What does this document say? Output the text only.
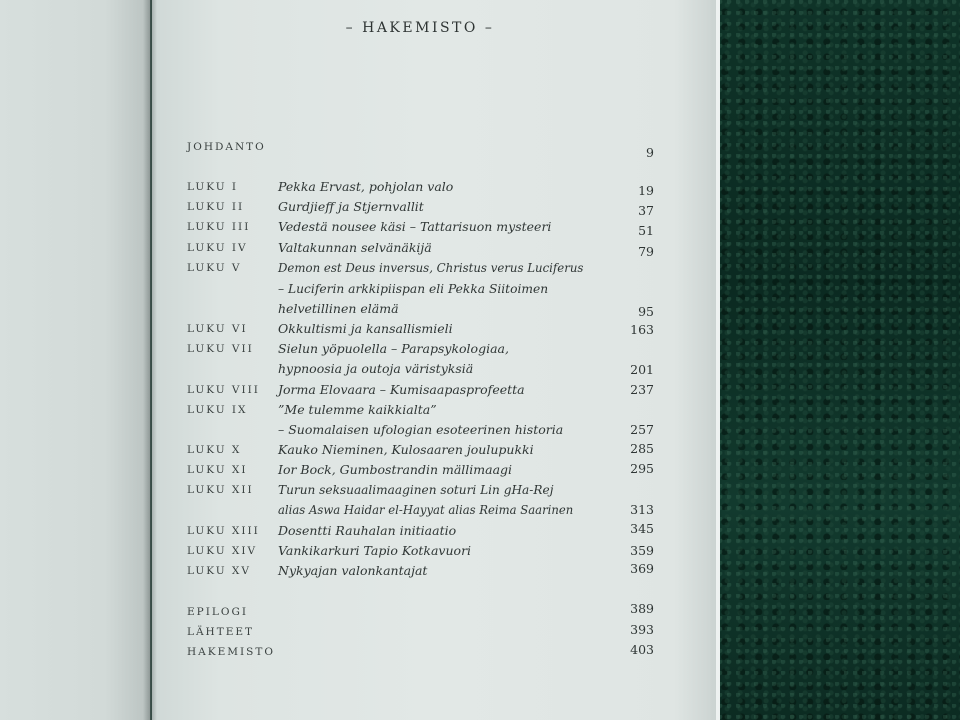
– HAKEMISTO –
JOHDANTO	9
LUKU I	Pekka Ervast, pohjolan valo	19
LUKU II	Gurdjieff ja Stjernvallit	37
LUKU III Vedestä nousee käsi – Tattarisuon mysteeri	51
LUKU IV Valtakunnan selvänäkijä	79
LUKU V	Demon est Deus inversus, Christus verus Luciferus
– Luciferin arkkipiispan eli Pekka Siitoimen
helvetillinen elämä	95
LUKU VI Okkultismi ja kansallismieli	163
LUKU VII Sielun yöpuolella – Parapsykologiaa,
hypnoosia ja outoja väristyksiä	201
LUKU VIII Jorma Elovaara – Kumisaapasprofeetta	237
LUKU IX ”Me tulemme kaikkialta”
– Suomalaisen ufologian esoteerinen historia	257
LUKU X	Kauko Nieminen, Kulosaaren joulupukki	285
LUKU XI Ior Bock, Gumbostrandin mällimaagi	295
LUKU XII Turun seksuaalimaaginen soturi Lin gHa-Rej
alias Aswa Haidar el-Hayyat alias Reima Saarinen	313
LUKU XIII Dosentti Rauhalan initiaatio	345
LUKU XIV Vankikarkuri Tapio Kotkavuori	359
LUKU XV Nykyajan valonkantajat	369
EPILOGI	389
LÄHTEET	393
HAKEMISTO	403
